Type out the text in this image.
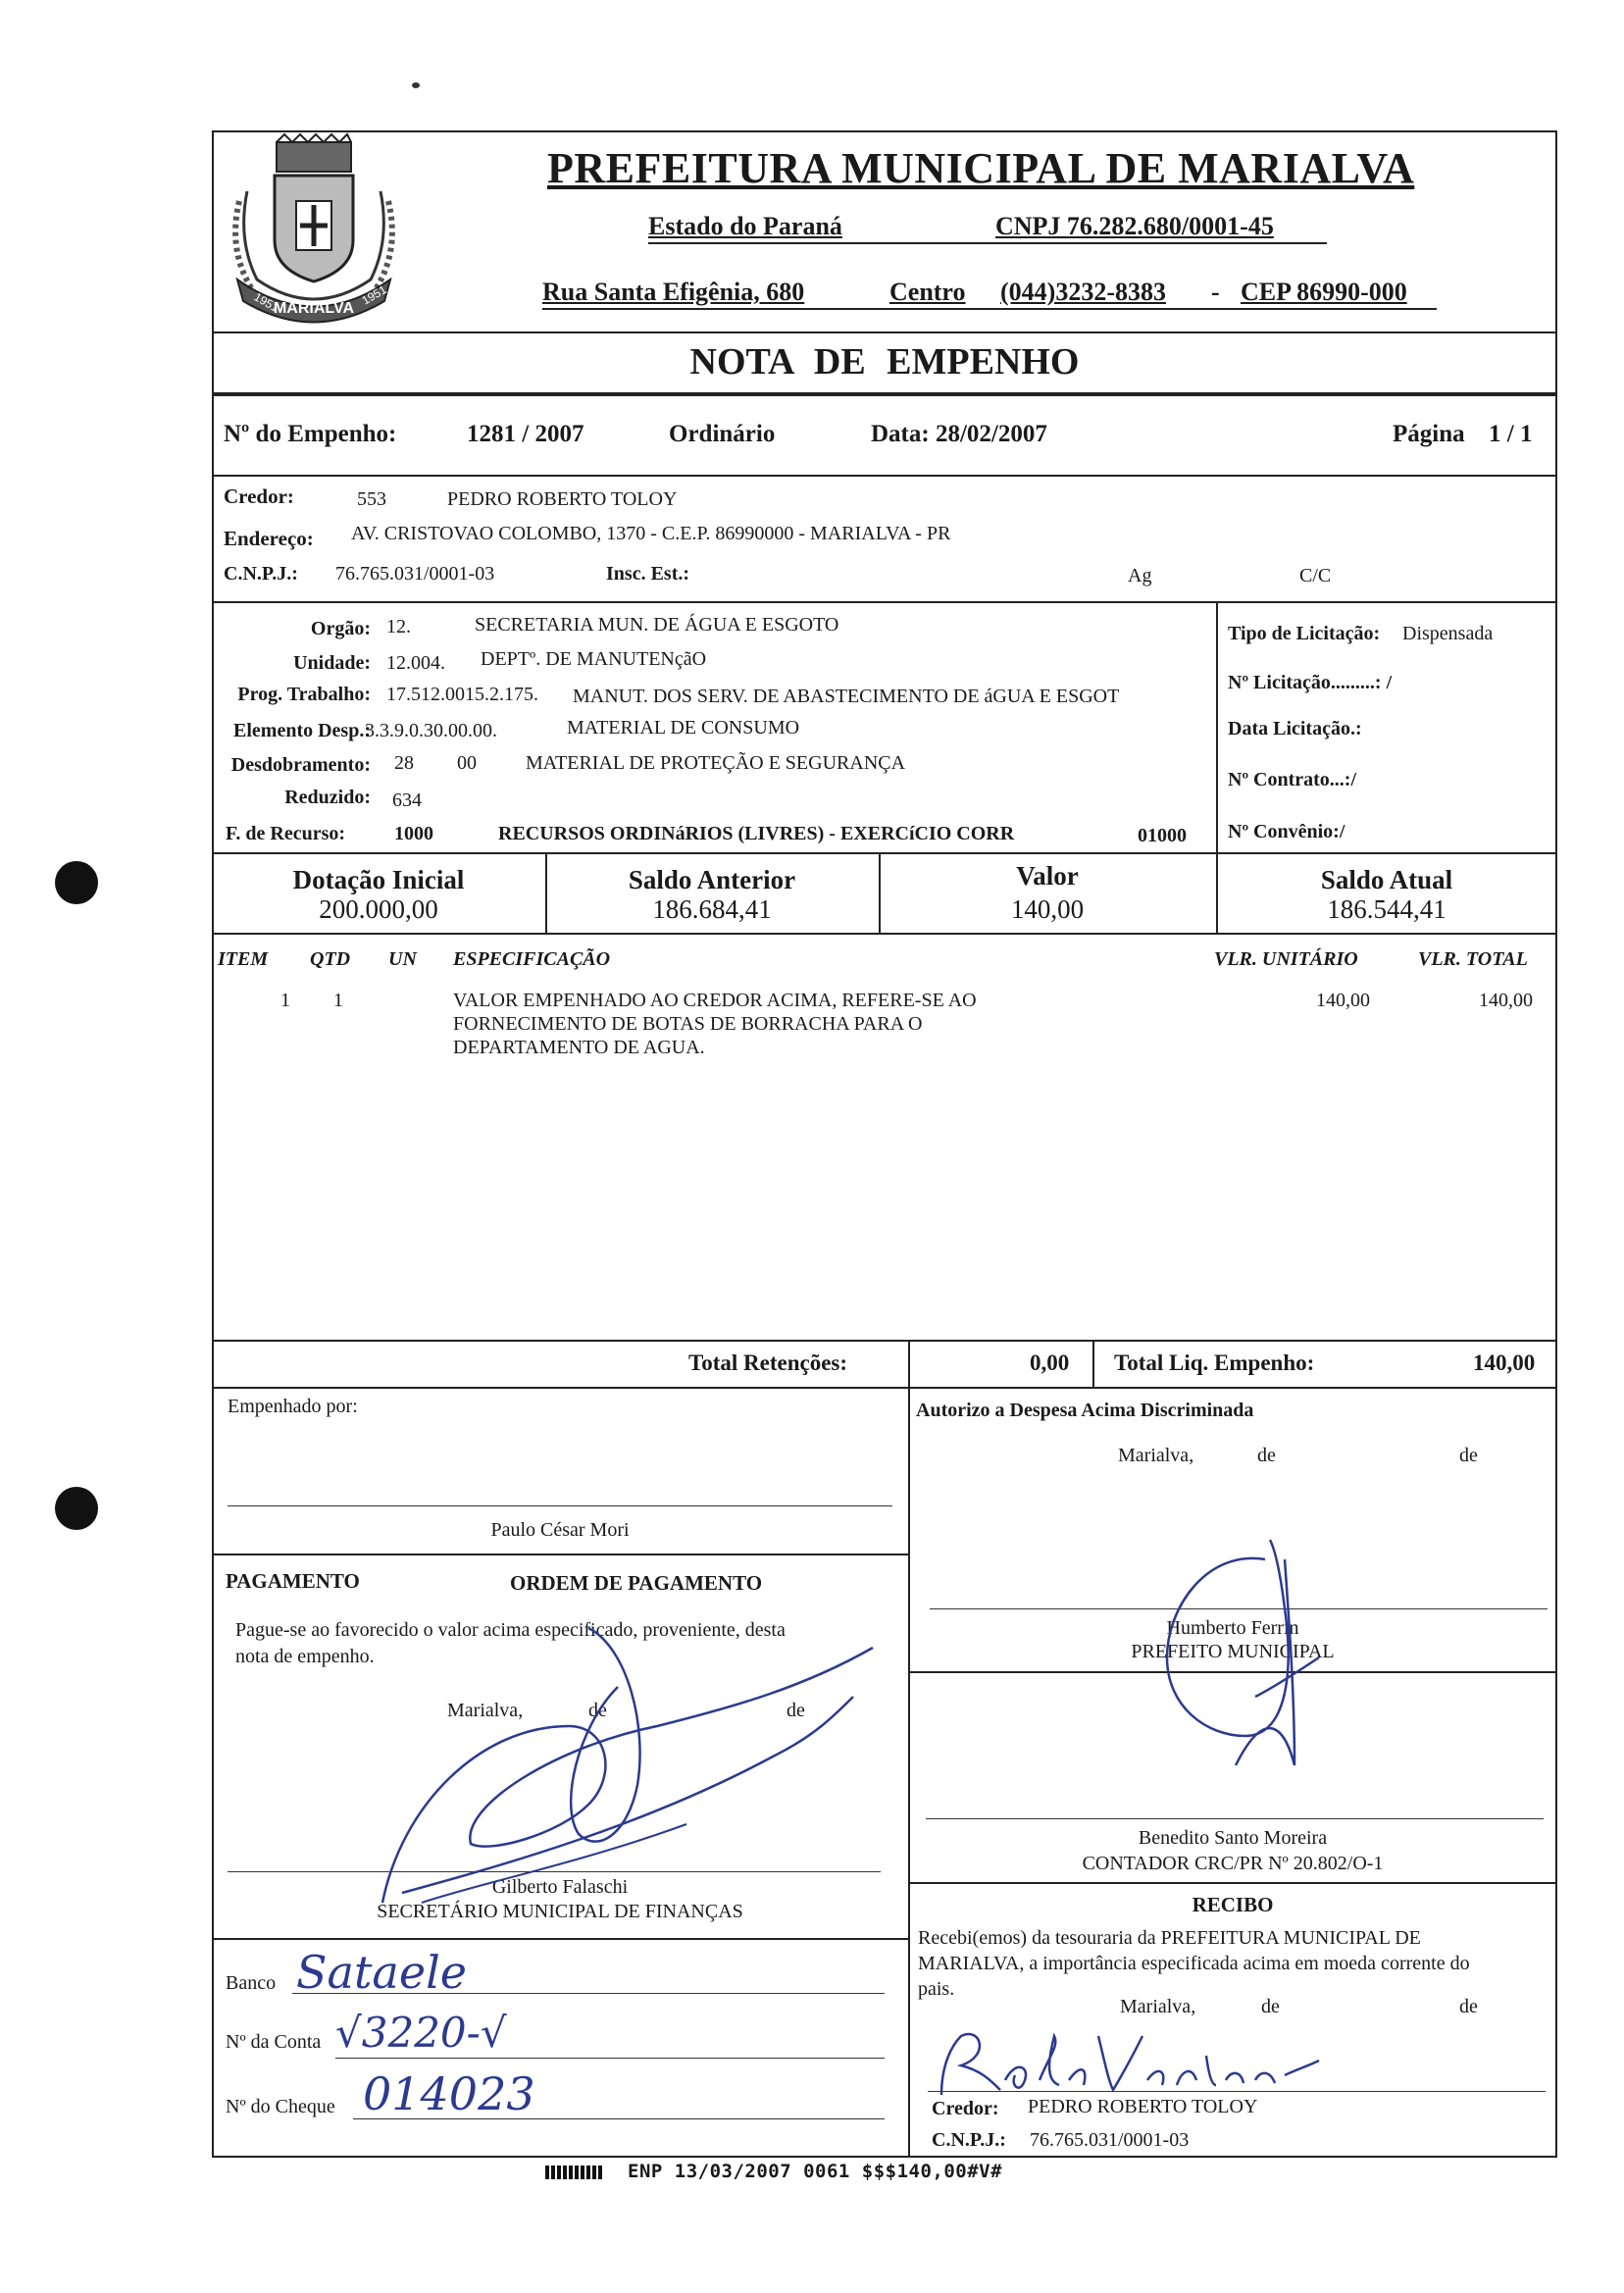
MARIALVA
1951	1951
PREFEITURA MUNICIPAL DE MARIALVA
Estado do Paraná	CNPJ 76.282.680/0001-45
Rua Santa Efigênia, 680	Centro (044)3232-8383 - CEP 86990-000
NOTA DE EMPENHO
Nº do Empenho:	1281 / 2007	Ordinário	Data: 28/02/2007	Página 1 / 1
Credor:	553	PEDRO ROBERTO TOLOY
Endereço: AV. CRISTOVAO COLOMBO, 1370 - C.E.P. 86990000 - MARIALVA - PR
C.N.P.J.: 76.765.031/0001-03	Insc. Est.:	Ag	C/C
Orgão: 12.	SECRETARIA MUN. DE ÁGUA E ESGOTO
Unidade: 12.004. DEPTº. DE MANUTENçãO
Prog. Trabalho: 17.512.0015.2.175. MANUT. DOS SERV. DE ABASTECIMENTO DE áGUA E ESGOT
Elemento Desp.:
3.3.9.0.30.00.00.	MATERIAL DE CONSUMO
Desdobramento: 28 00	MATERIAL DE PROTEÇÃO E SEGURANÇA
Reduzido: 634
F. de Recurso: 1000	RECURSOS ORDINáRIOS (LIVRES) - EXERCíCIO CORR	01000
Tipo de Licitação: Dispensada
Nº Licitação.........: /
Data Licitação.:
Nº Contrato...:/
Nº Convênio:/
Dotação Inicial
200.000,00
Saldo Anterior
186.684,41
Valor
140,00
Saldo Atual
186.544,41
ITEM QTD UN ESPECIFICAÇÃO	VLR. UNITÁRIO	VLR. TOTAL
1 1	VALOR EMPENHADO AO CREDOR ACIMA, REFERE-SE AO
FORNECIMENTO DE BOTAS DE BORRACHA PARA O
DEPARTAMENTO DE AGUA.
140,00	140,00
Total Retenções:	0,00 Total Liq. Empenho:	140,00
Empenhado por:
Paulo César Mori
PAGAMENTO	ORDEM DE PAGAMENTO
Pague-se ao favorecido o valor acima especificado, proveniente, desta
nota de empenho.
Marialva,	de	de
Gilberto Falaschi
SECRETÁRIO MUNICIPAL DE FINANÇAS
Banco Sataele
Nº da Conta √3220-√
Nº do Cheque 014023
Autorizo a Despesa Acima Discriminada
Marialva,	de	de
Humberto Ferrin
PREFEITO MUNICIPAL
Benedito Santo Moreira
CONTADOR CRC/PR Nº 20.802/O-1
RECIBO
Recebi(emos) da tesouraria da PREFEITURA MUNICIPAL DE
MARIALVA, a importância especificada acima em moeda corrente do
pais.
Marialva,	de	de
Credor: PEDRO ROBERTO TOLOY
C.N.P.J.: 76.765.031/0001-03
ENP 13/03/2007 0061 $$$140,00#V#
